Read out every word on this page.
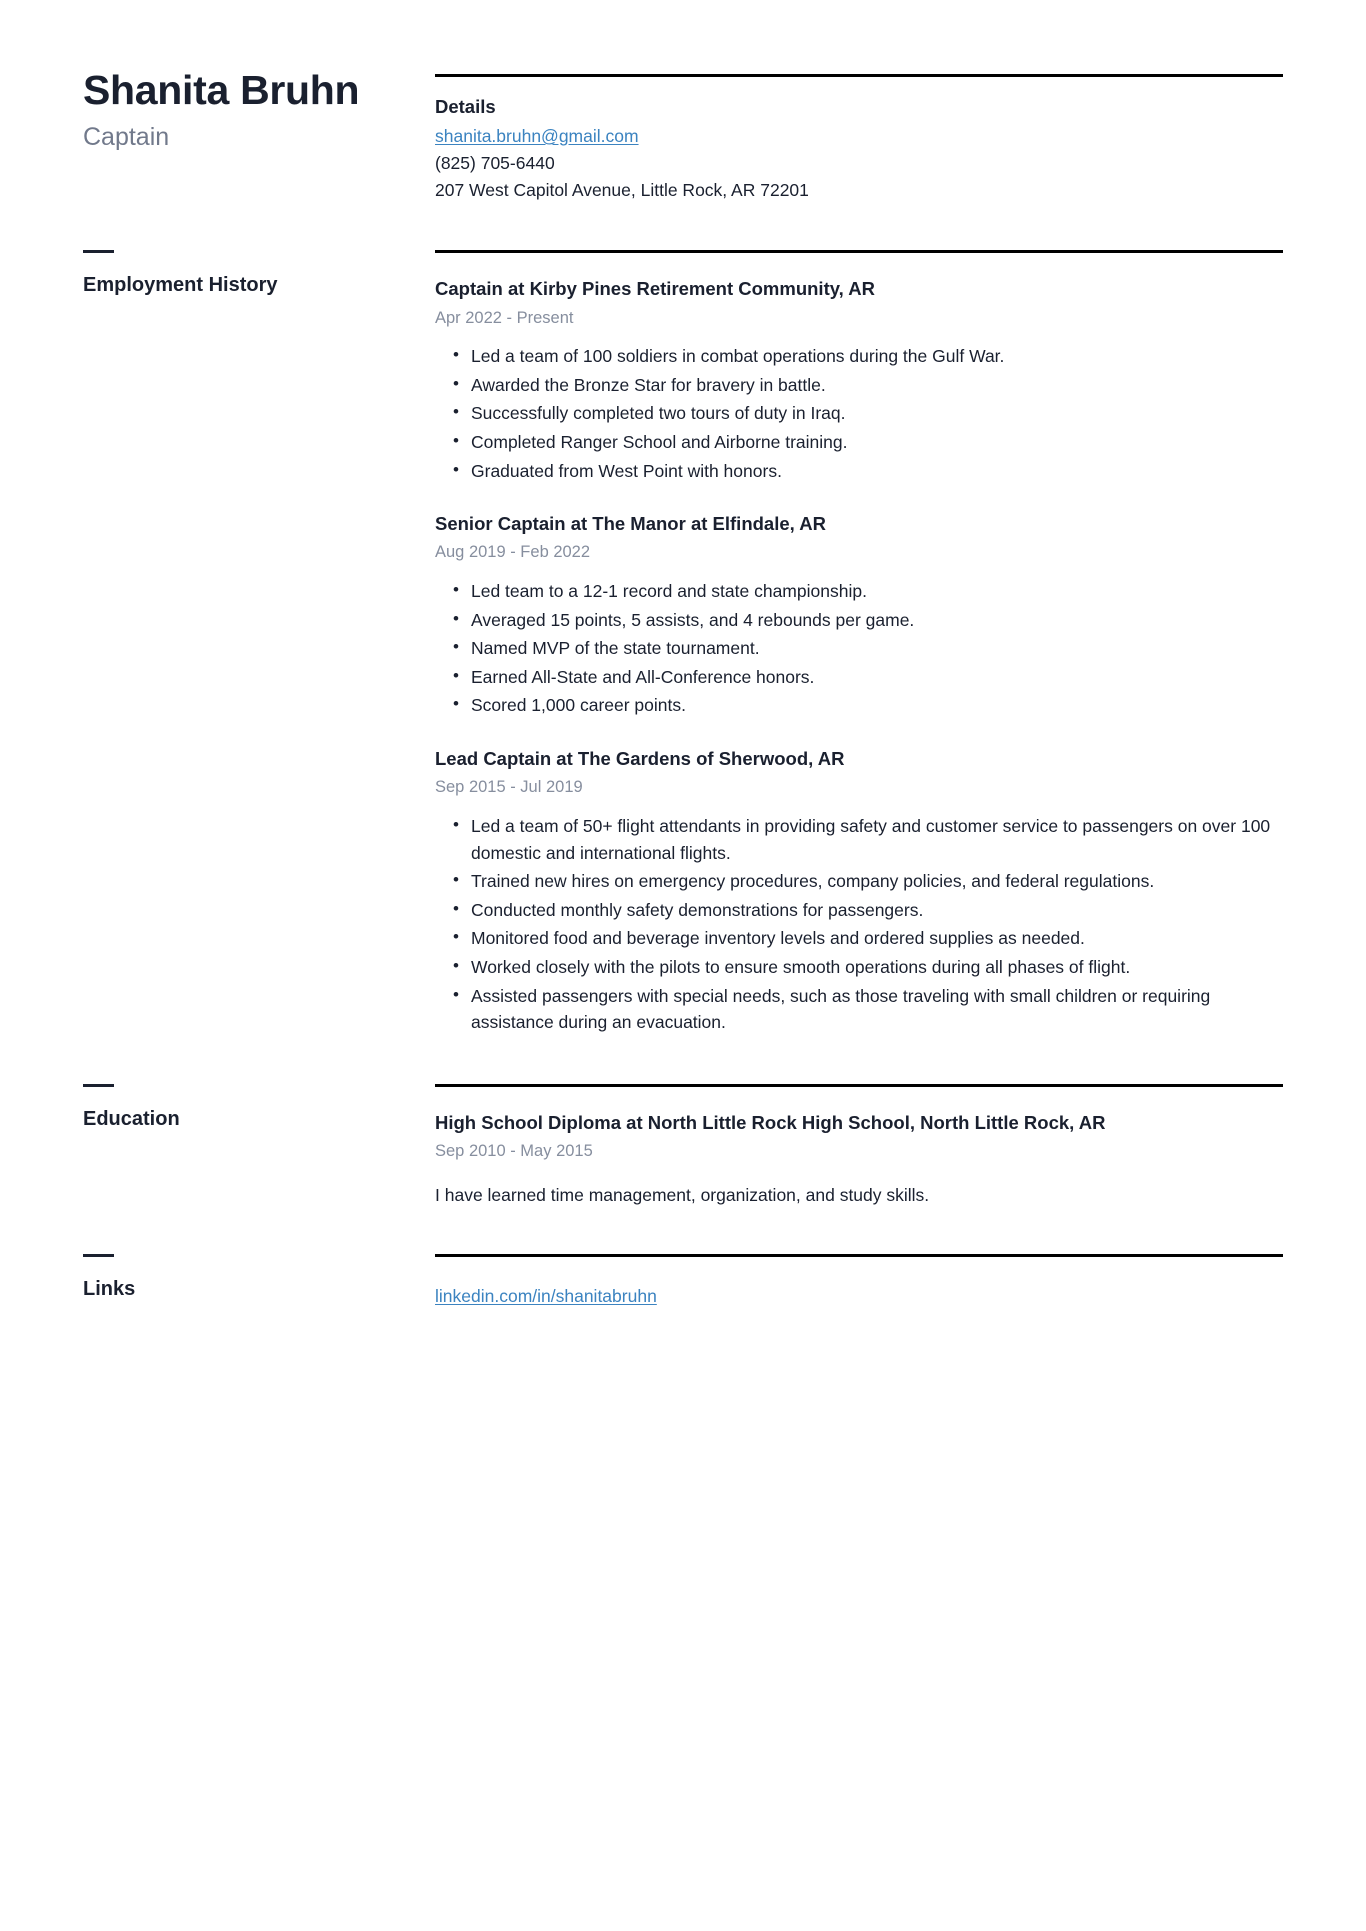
Shanita Bruhn
Captain
Details
shanita.bruhn@gmail.com
(825) 705-6440
207 West Capitol Avenue, Little Rock, AR 72201
Employment History	Captain at Kirby Pines Retirement Community, AR
Apr 2022 - Present
• Led a team of 100 soldiers in combat operations during the Gulf War.
• Awarded the Bronze Star for bravery in battle.
• Successfully completed two tours of duty in Iraq.
• Completed Ranger School and Airborne training.
• Graduated from West Point with honors.
Senior Captain at The Manor at Elfindale, AR
Aug 2019 - Feb 2022
• Led team to a 12-1 record and state championship.
• Averaged 15 points, 5 assists, and 4 rebounds per game.
• Named MVP of the state tournament.
• Earned All-State and All-Conference honors.
• Scored 1,000 career points.
Lead Captain at The Gardens of Sherwood, AR
Sep 2015 - Jul 2019
• Led a team of 50+ flight attendants in providing safety and customer service to passengers on over 100 domestic and international flights.
• Trained new hires on emergency procedures, company policies, and federal regulations.
• Conducted monthly safety demonstrations for passengers.
• Monitored food and beverage inventory levels and ordered supplies as needed.
• Worked closely with the pilots to ensure smooth operations during all phases of flight.
• Assisted passengers with special needs, such as those traveling with small children or requiring assistance during an evacuation.
Education	High School Diploma at North Little Rock High School, North Little Rock, AR
Sep 2010 - May 2015
I have learned time management, organization, and study skills.
Links	linkedin.com/in/shanitabruhn
